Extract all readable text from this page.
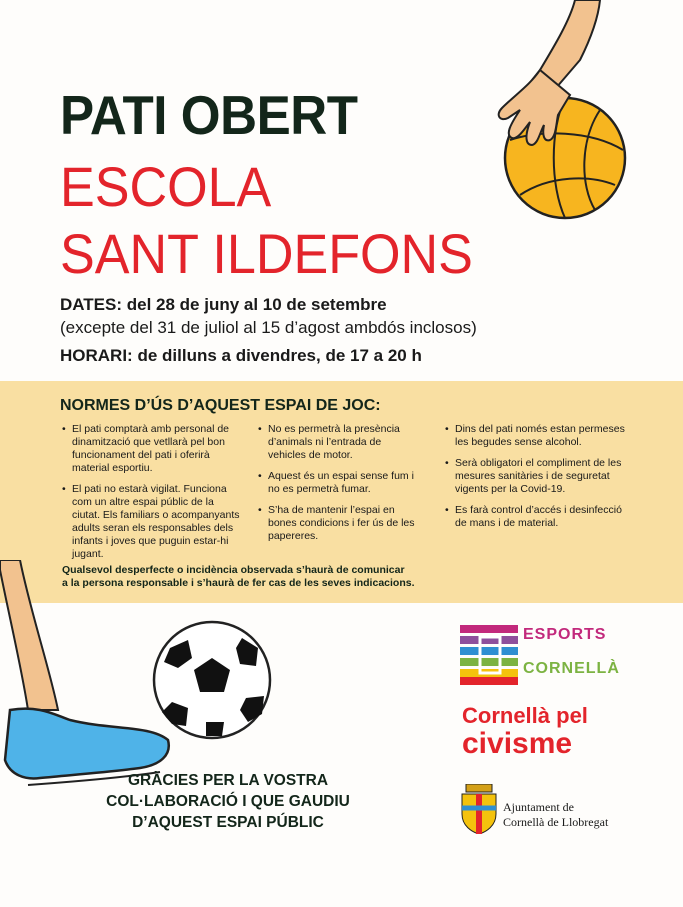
PATI OBERT
ESCOLA
SANT ILDEFONS
DATES: del 28 de juny al 10 de setembre
(excepte del 31 de juliol al 15 d’agost ambdós inclosos)
HORARI: de dilluns a divendres, de 17 a 20 h
NORMES D’ÚS D’AQUEST ESPAI DE JOC:
• El pati comptarà amb personal de dinamització que vetllarà pel bon funcionament del pati i oferirà material esportiu.
• El pati no estarà vigilat. Funciona com un altre espai públic de la ciutat. Els familiars o acompanyants adults seran els responsables dels infants i joves que puguin estar-hi jugant.
• No es permetrà la presència d’animals ni l’entrada de vehicles de motor.
• Aquest és un espai sense fum i no es permetrà fumar.
• S’ha de mantenir l’espai en bones condicions i fer ús de les papereres.
• Dins del pati només estan permeses les begudes sense alcohol.
• Serà obligatori el compliment de les mesures sanitàries i de seguretat vigents per la Covid-19.
• Es farà control d’accés i desinfecció de mans i de material.
Qualsevol desperfecte o incidència observada s’haurà de comunicar
a la persona responsable i s’haurà de fer cas de les seves indicacions.
GRÀCIES PER LA VOSTRA
COL·LABORACIÓ I QUE GAUDIU
D’AQUEST ESPAI PÚBLIC
ESPORTS
CORNELLÀ
Cornellà pel
civisme
Ajuntament de
Cornellà de Llobregat
